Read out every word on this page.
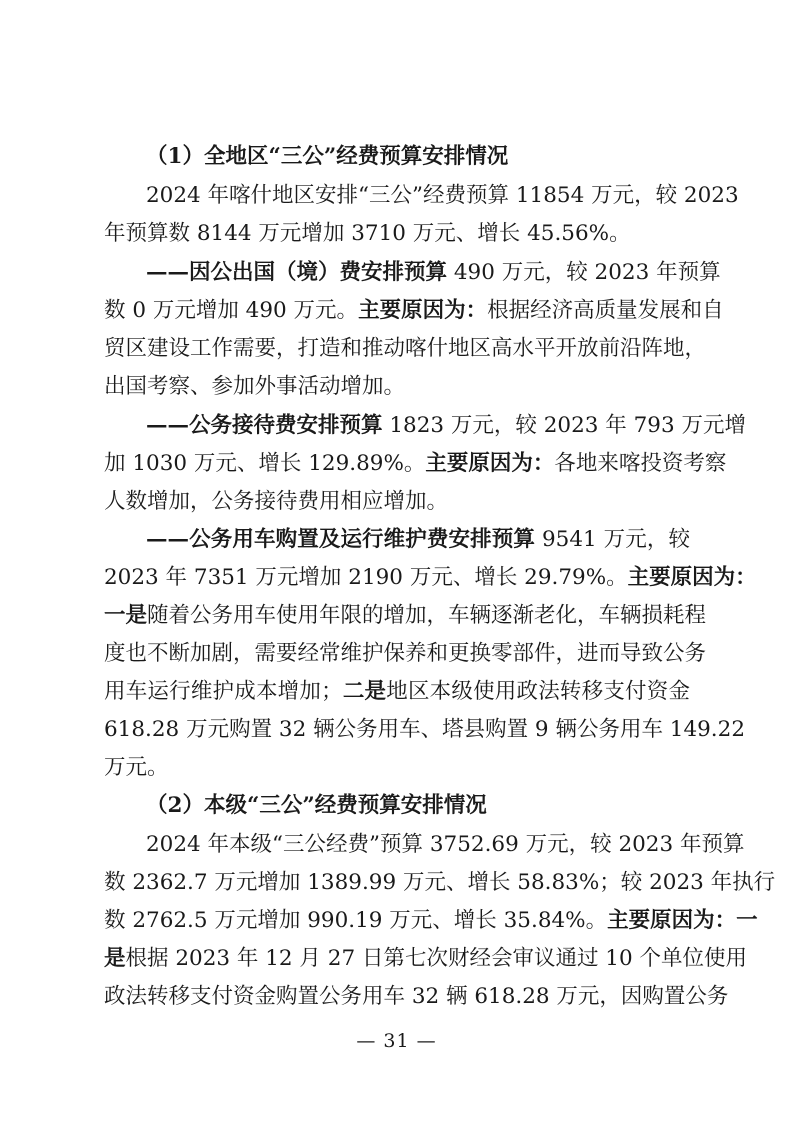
（1）全地区“三公”经费预算安排情况
2024 年喀什地区安排“三公”经费预算 11854 万元，较 2023
年预算数 8144 万元增加 3710 万元、增长 45.56%。
——因公出国（境）费安排预算 490 万元，较 2023 年预算
数 0 万元增加 490 万元。主要原因为：根据经济高质量发展和自
贸区建设工作需要，打造和推动喀什地区高水平开放前沿阵地，
出国考察、参加外事活动增加。
——公务接待费安排预算 1823 万元，较 2023 年 793 万元增
加 1030 万元、增长 129.89%。主要原因为：各地来喀投资考察
人数增加，公务接待费用相应增加。
——公务用车购置及运行维护费安排预算 9541 万元，较
2023 年 7351 万元增加 2190 万元、增长 29.79%。主要原因为：
一是随着公务用车使用年限的增加，车辆逐渐老化，车辆损耗程
度也不断加剧，需要经常维护保养和更换零部件，进而导致公务
用车运行维护成本增加；二是地区本级使用政法转移支付资金
618.28 万元购置 32 辆公务用车、塔县购置 9 辆公务用车 149.22
万元。
（2）本级“三公”经费预算安排情况
2024 年本级“三公经费”预算 3752.69 万元，较 2023 年预算
数 2362.7 万元增加 1389.99 万元、增长 58.83%；较 2023 年执行
数 2762.5 万元增加 990.19 万元、增长 35.84%。主要原因为：一
是根据 2023 年 12 月 27 日第七次财经会审议通过 10 个单位使用
政法转移支付资金购置公务用车 32 辆 618.28 万元，因购置公务
— 31 —
